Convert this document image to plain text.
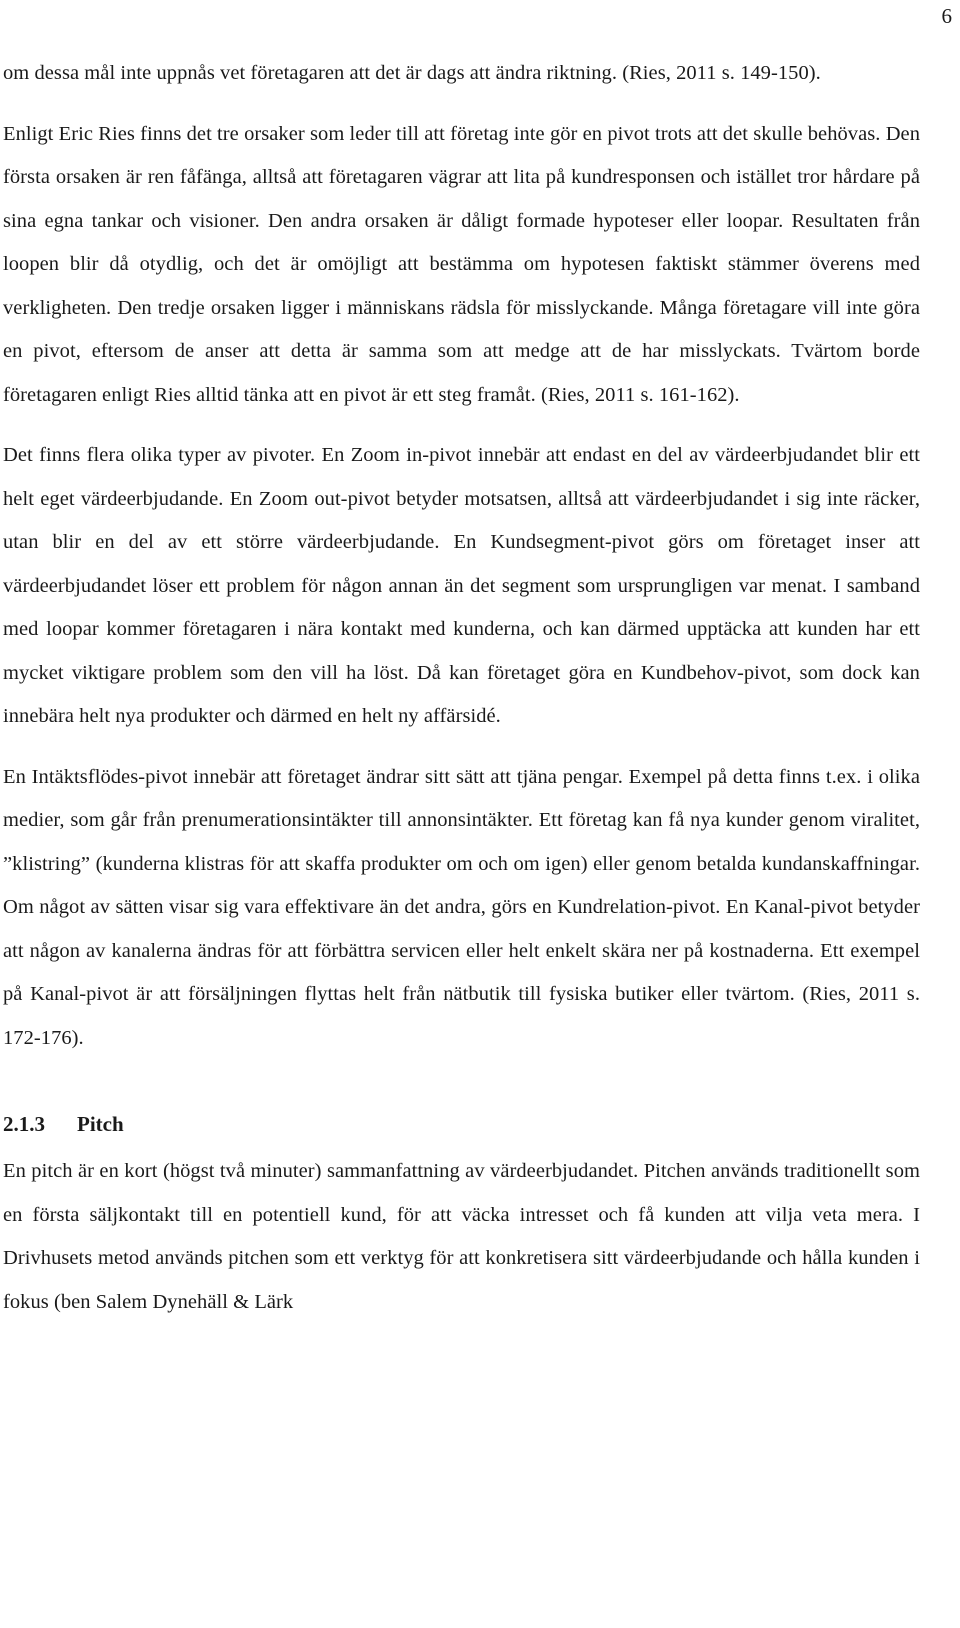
6

om dessa mål inte uppnås vet företagaren att det är dags att ändra riktning. (Ries, 2011 s. 149-150).

Enligt Eric Ries finns det tre orsaker som leder till att företag inte gör en pivot trots att det skulle behövas. Den första orsaken är ren fåfänga, alltså att företagaren vägrar att lita på kundresponsen och istället tror hårdare på sina egna tankar och visioner. Den andra orsaken är dåligt formade hypoteser eller loopar. Resultaten från loopen blir då otydlig, och det är omöjligt att bestämma om hypotesen faktiskt stämmer överens med verkligheten. Den tredje orsaken ligger i människans rädsla för misslyckande. Många företagare vill inte göra en pivot, eftersom de anser att detta är samma som att medge att de har misslyckats. Tvärtom borde företagaren enligt Ries alltid tänka att en pivot är ett steg framåt. (Ries, 2011 s. 161-162).

Det finns flera olika typer av pivoter. En Zoom in-pivot innebär att endast en del av värdeerbjudandet blir ett helt eget värdeerbjudande. En Zoom out-pivot betyder motsatsen, alltså att värdeerbjudandet i sig inte räcker, utan blir en del av ett större värdeerbjudande. En Kundsegment-pivot görs om företaget inser att värdeerbjudandet löser ett problem för någon annan än det segment som ursprungligen var menat. I samband med loopar kommer företagaren i nära kontakt med kunderna, och kan därmed upptäcka att kunden har ett mycket viktigare problem som den vill ha löst. Då kan företaget göra en Kundbehov-pivot, som dock kan innebära helt nya produkter och därmed en helt ny affärsidé.

En Intäktsflödes-pivot innebär att företaget ändrar sitt sätt att tjäna pengar. Exempel på detta finns t.ex. i olika medier, som går från prenumerationsintäkter till annonsintäkter. Ett företag kan få nya kunder genom viralitet, ”klistring” (kunderna klistras för att skaffa produkter om och om igen) eller genom betalda kundanskaffningar. Om något av sätten visar sig vara effektivare än det andra, görs en Kundrelation-pivot. En Kanal-pivot betyder att någon av kanalerna ändras för att förbättra servicen eller helt enkelt skära ner på kostnaderna. Ett exempel på Kanal-pivot är att försäljningen flyttas helt från nätbutik till fysiska butiker eller tvärtom. (Ries, 2011 s. 172-176).

2.1.3 Pitch

En pitch är en kort (högst två minuter) sammanfattning av värdeerbjudandet. Pitchen används traditionellt som en första säljkontakt till en potentiell kund, för att väcka intresset och få kunden att vilja veta mera. I Drivhusets metod används pitchen som ett verktyg för att konkretisera sitt värdeerbjudande och hålla kunden i fokus (ben Salem Dynehäll & Lärk
